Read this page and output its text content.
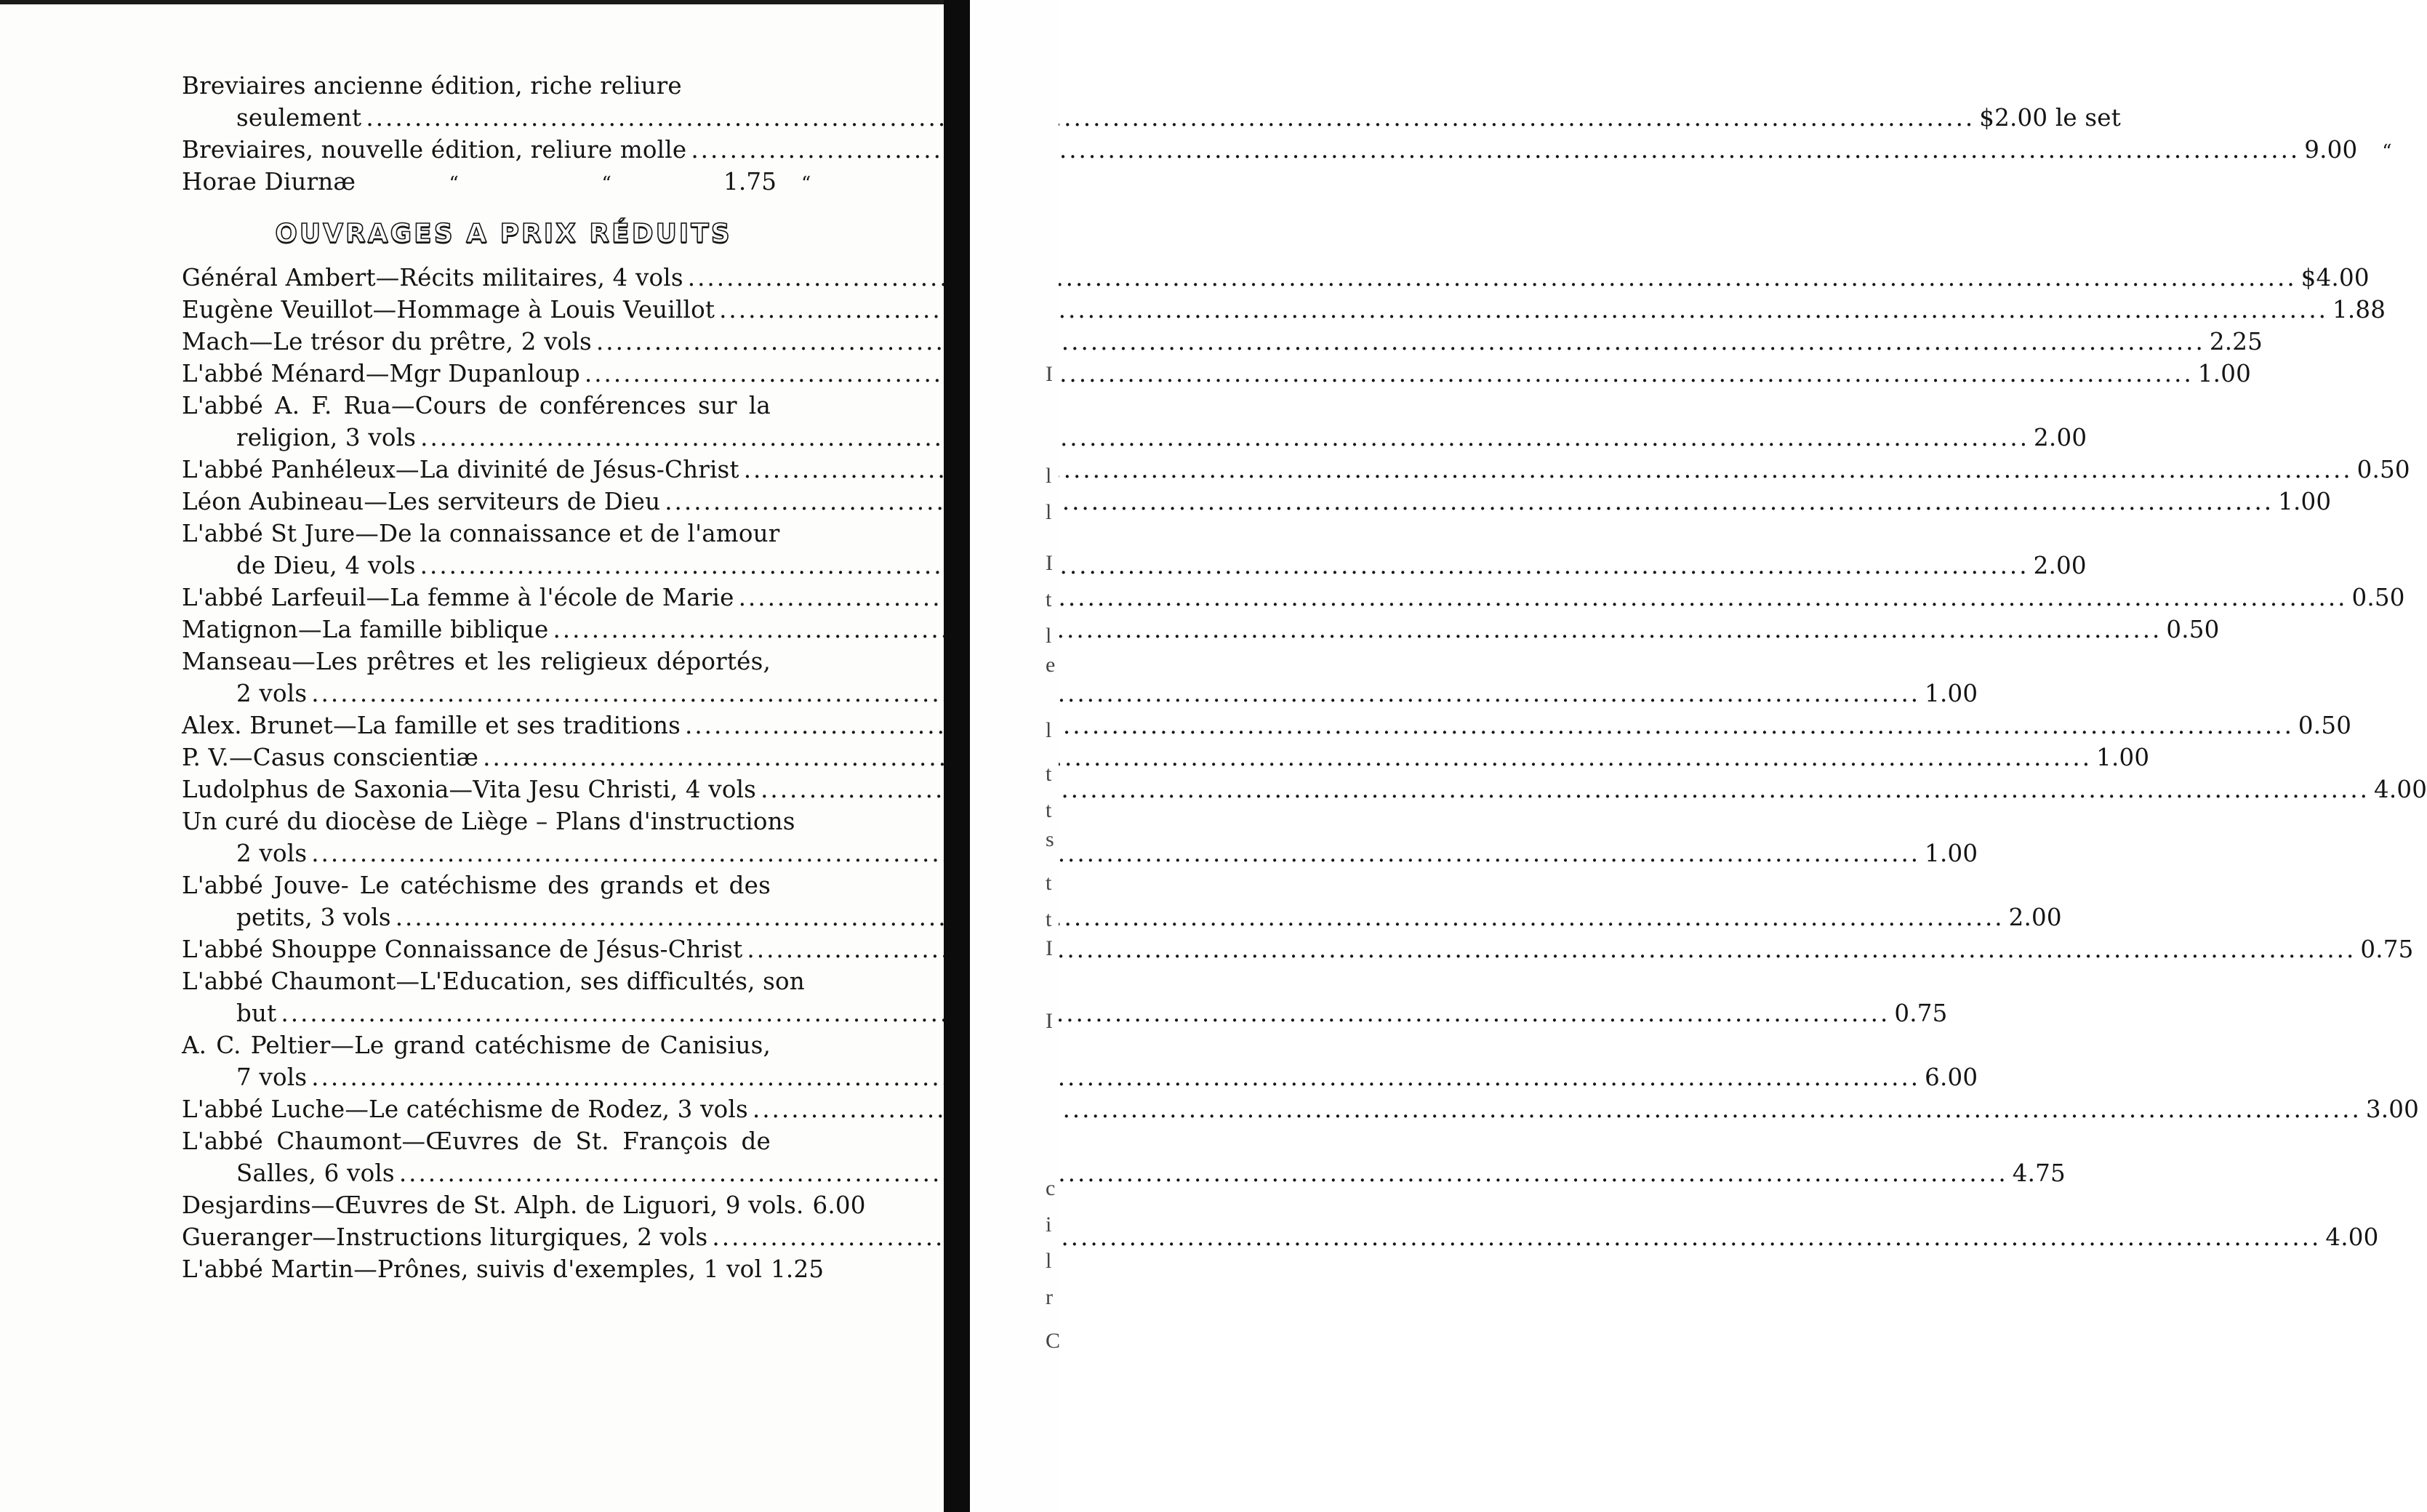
Breviaires ancienne édition, riche reliure
seulement .....	$2.00 le set
Breviaires, nouvelle édition, reliure molle .....	9.00 “
Horae Diurnæ	“	“	1.75 “
OUVRAGES A PRIX RÉDUITS
Général Ambert—Récits militaires, 4 vols .....	$4.00
Eugène Veuillot—Hommage à Louis Veuillot .....	1.88
Mach—Le trésor du prêtre, 2 vols .....	2.25
L'abbé Ménard—Mgr Dupanloup .....	1.00
L'abbé A. F. Rua—Cours de conférences sur la
religion, 3 vols .....	2.00
L'abbé Panhéleux—La divinité de Jésus-Christ .....	0.50
Léon Aubineau—Les serviteurs de Dieu .....	1.00
L'abbé St Jure—De la connaissance et de l'amour
de Dieu, 4 vols .....	2.00
L'abbé Larfeuil—La femme à l'école de Marie .....	0.50
Matignon—La famille biblique .....	0.50
Manseau—Les prêtres et les religieux déportés,
2 vols .....	1.00
Alex. Brunet—La famille et ses traditions .....	0.50
P. V.—Casus conscientiæ .....	1.00
Ludolphus de Saxonia—Vita Jesu Christi, 4 vols .....	4.00
Un curé du diocèse de Liège – Plans d'instructions
2 vols .....	1.00
L'abbé Jouve- Le catéchisme des grands et des
petits, 3 vols .....	2.00
L'abbé Shouppe Connaissance de Jésus-Christ .....	0.75
L'abbé Chaumont—L'Education, ses difficultés, son
but .....	0.75
A. C. Peltier—Le grand catéchisme de Canisius,
7 vols .....	6.00
L'abbé Luche—Le catéchisme de Rodez, 3 vols .....	3.00
L'abbé Chaumont—Œuvres de St. François de
Salles, 6 vols .....	4.75
Desjardins—Œuvres de St. Alph. de Liguori, 9 vols. 6.00
Gueranger—Instructions liturgiques, 2 vols .....	4.00
L'abbé Martin—Prônes, suivis d'exemples, 1 vol 1.25
I
l
l
I
t
l
e
l
t
t
s
t
t
I
I
c
i
l
r
C
